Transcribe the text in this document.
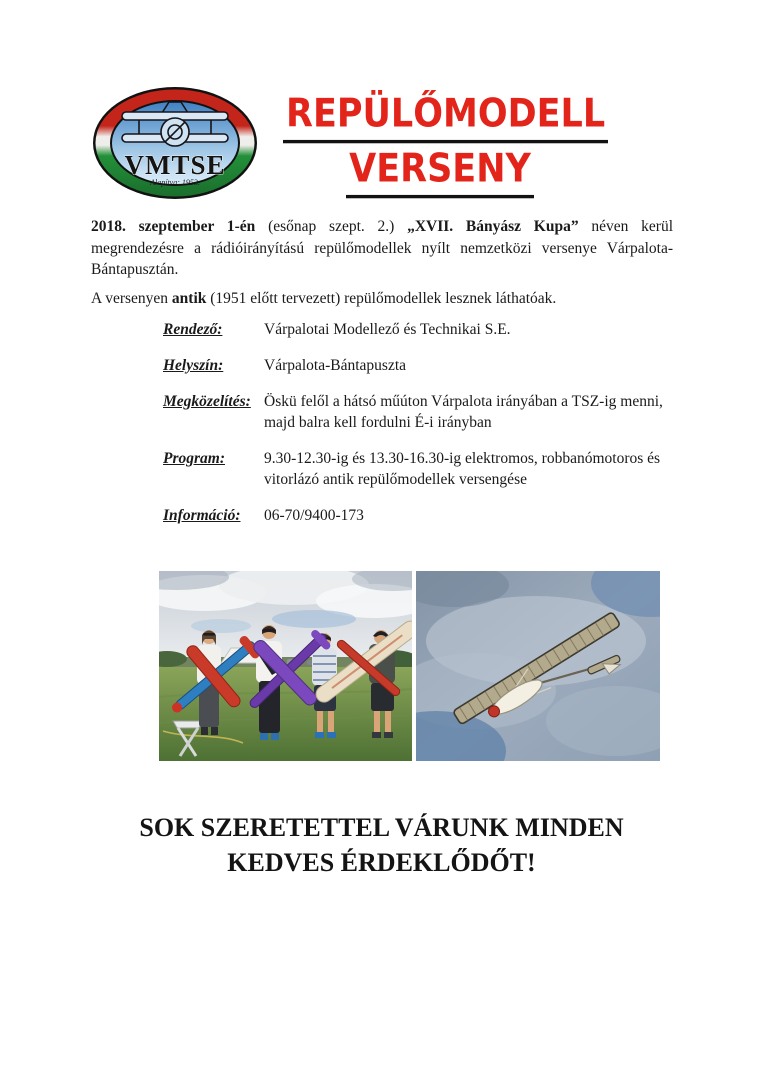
VMTSE
Alapítva: 1953.
REPÜLŐMODELL
VERSENY

2018. szeptember 1-én (esőnap szept. 2.) „XVII. Bányász Kupa” néven kerül megrendezésre a rádióirányítású repülőmodellek nyílt nemzetközi versenye Várpalota-Bántapusztán.

A versenyen antik (1951 előtt tervezett) repülőmodellek lesznek láthatóak.

Rendező:	Várpalotai Modellező és Technikai S.E.
Helyszín:	Várpalota-Bántapuszta
Megközelítés: Öskü felől a hátsó műúton Várpalota irányában a TSZ-ig menni, majd balra kell fordulni É-i irányban
Program:	9.30-12.30-ig és 13.30-16.30-ig elektromos, robbanómotoros és vitorlázó antik repülőmodellek versengése
Információ:	06-70/9400-173
SOK SZERETETTEL VÁRUNK MINDEN
KEDVES ÉRDEKLŐDŐT!
